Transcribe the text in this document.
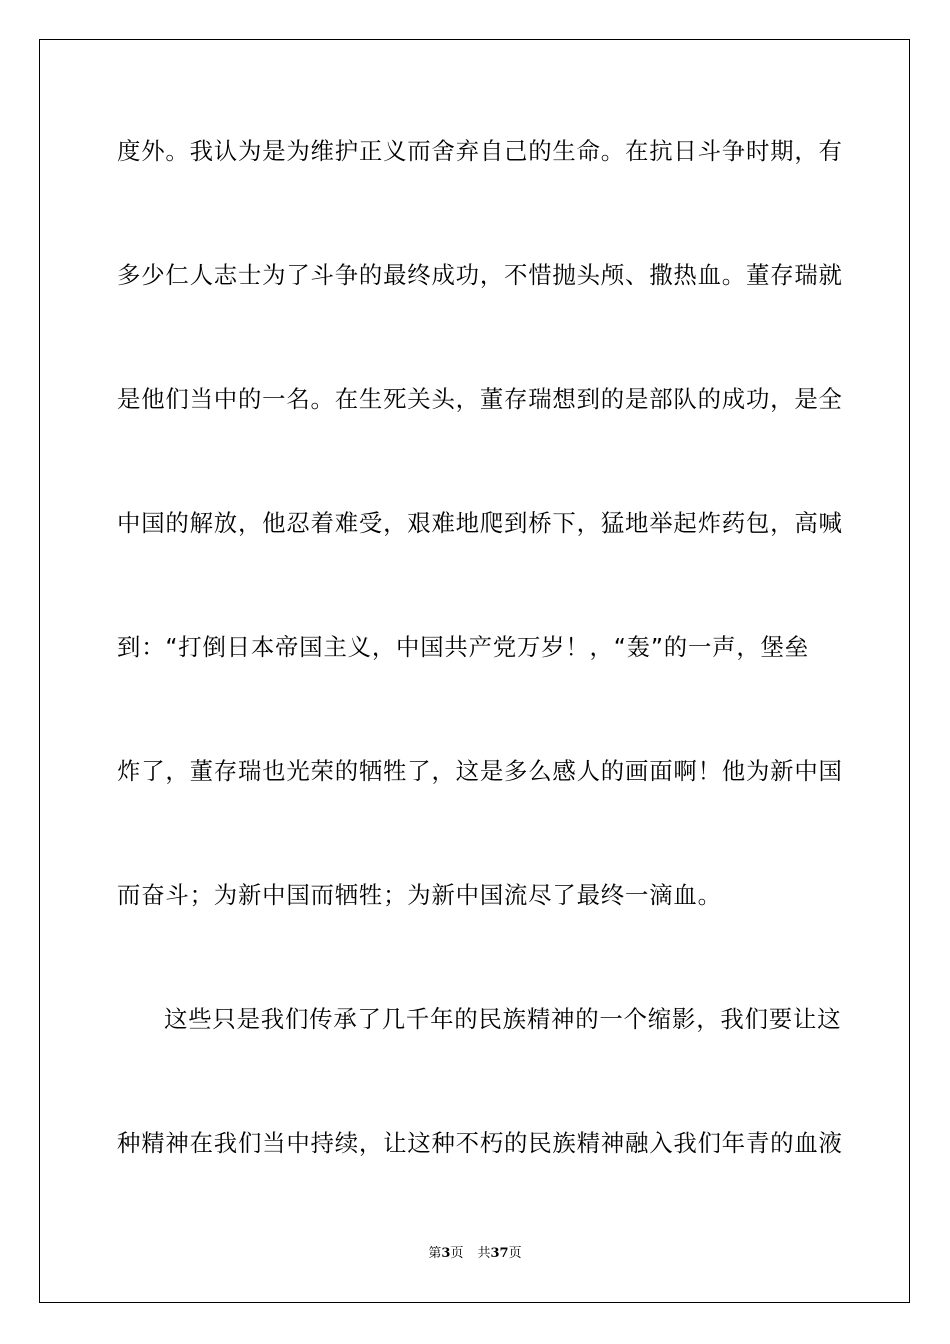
度外。我认为是为维护正义而舍弃自己的生命。在抗日斗争时期，有
多少仁人志士为了斗争的最终成功，不惜抛头颅、撒热血。董存瑞就
是他们当中的一名。在生死关头，董存瑞想到的是部队的成功，是全
中国的解放，他忍着难受，艰难地爬到桥下，猛地举起炸药包，高喊
到：“打倒日本帝国主义，中国共产党万岁！，“轰”的一声，堡垒
炸了，董存瑞也光荣的牺牲了，这是多么感人的画面啊！他为新中国
而奋斗；为新中国而牺牲；为新中国流尽了最终一滴血。
这些只是我们传承了几千年的民族精神的一个缩影，我们要让这
种精神在我们当中持续，让这种不朽的民族精神融入我们年青的血液
第3页 共37页
